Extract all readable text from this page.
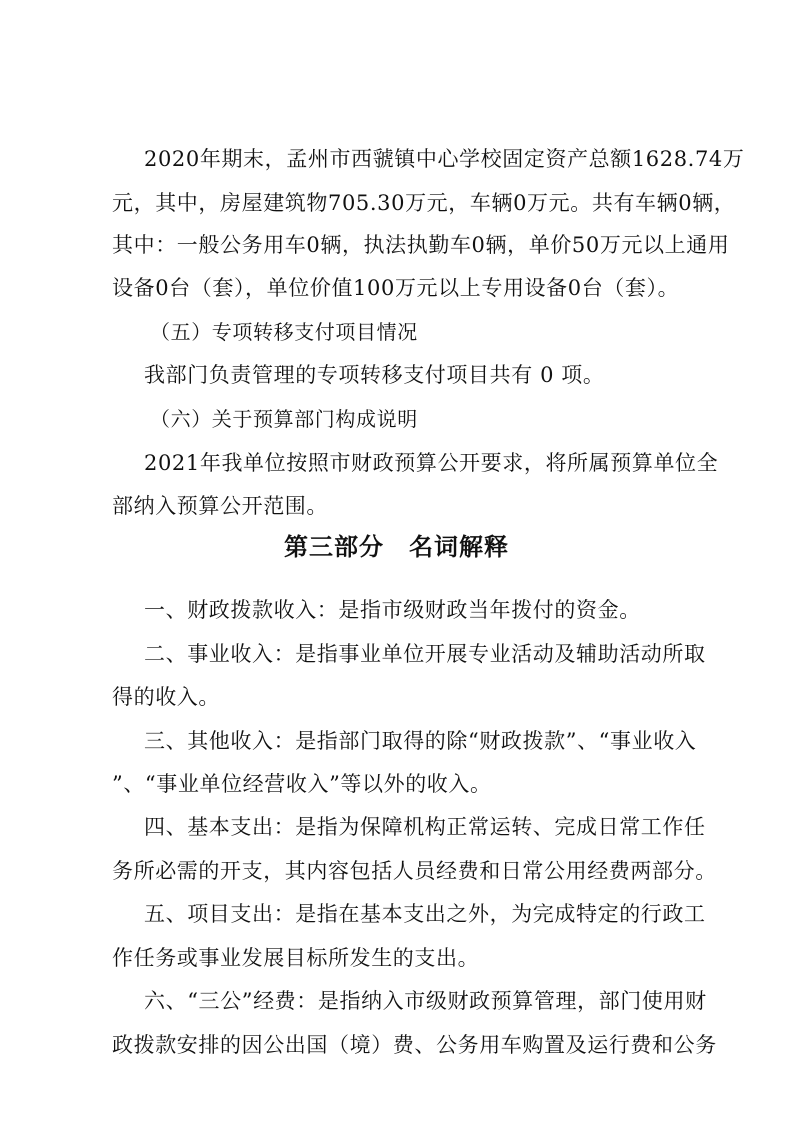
2020年期末，孟州市西虢镇中心学校固定资产总额1628.74万
元，其中，房屋建筑物705.30万元，车辆0万元。共有车辆0辆，
其中：一般公务用车0辆，执法执勤车0辆，单价50万元以上通用
设备0台（套），单位价值100万元以上专用设备0台（套）。
（五）专项转移支付项目情况
我部门负责管理的专项转移支付项目共有 0 项。
（六）关于预算部门构成说明
2021年我单位按照市财政预算公开要求，将所属预算单位全
部纳入预算公开范围。
第三部分　名词解释
一、财政拨款收入：是指市级财政当年拨付的资金。
二、事业收入：是指事业单位开展专业活动及辅助活动所取
得的收入。
三、其他收入：是指部门取得的除“财政拨款”、“事业收入
”、“事业单位经营收入”等以外的收入。
四、基本支出：是指为保障机构正常运转、完成日常工作任
务所必需的开支，其内容包括人员经费和日常公用经费两部分。
五、项目支出：是指在基本支出之外，为完成特定的行政工
作任务或事业发展目标所发生的支出。
六、“三公”经费：是指纳入市级财政预算管理，部门使用财
政拨款安排的因公出国（境）费、公务用车购置及运行费和公务
